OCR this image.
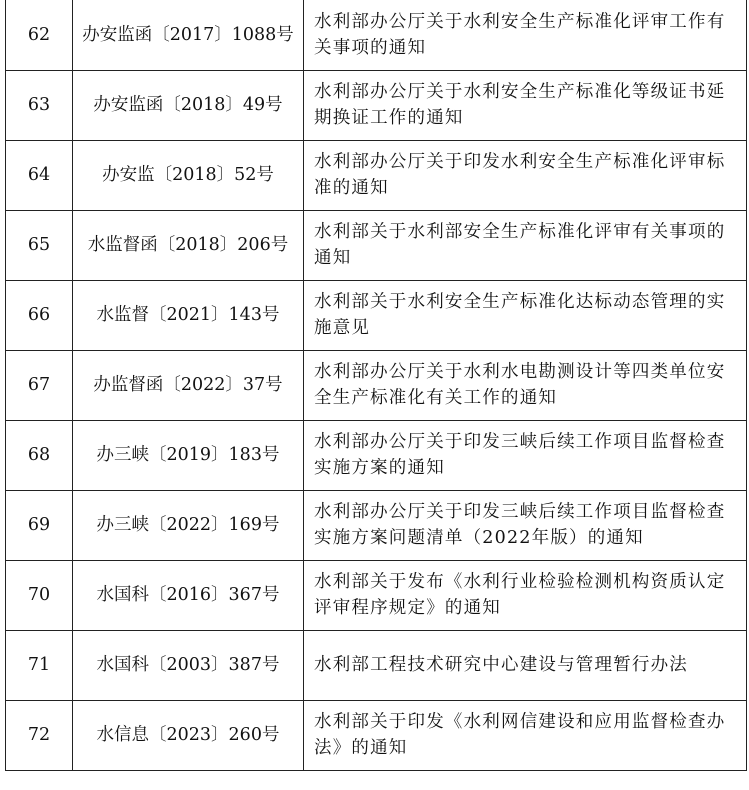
62	办安监函〔2017〕1088号	水利部办公厅关于水利安全生产标准化评审工作有关事项的通知
63	办安监函〔2018〕49号	水利部办公厅关于水利安全生产标准化等级证书延期换证工作的通知
64	办安监〔2018〕52号	水利部办公厅关于印发水利安全生产标准化评审标准的通知
65	水监督函〔2018〕206号	水利部关于水利部安全生产标准化评审有关事项的通知
66	水监督〔2021〕143号	水利部关于水利安全生产标准化达标动态管理的实施意见
67	办监督函〔2022〕37号	水利部办公厅关于水利水电勘测设计等四类单位安全生产标准化有关工作的通知
68	办三峡〔2019〕183号	水利部办公厅关于印发三峡后续工作项目监督检查实施方案的通知
69	办三峡〔2022〕169号	水利部办公厅关于印发三峡后续工作项目监督检查实施方案问题清单（2022年版）的通知
70	水国科〔2016〕367号	水利部关于发布《水利行业检验检测机构资质认定评审程序规定》的通知
71	水国科〔2003〕387号	水利部工程技术研究中心建设与管理暂行办法
72	水信息〔2023〕260号	水利部关于印发《水利网信建设和应用监督检查办法》的通知
